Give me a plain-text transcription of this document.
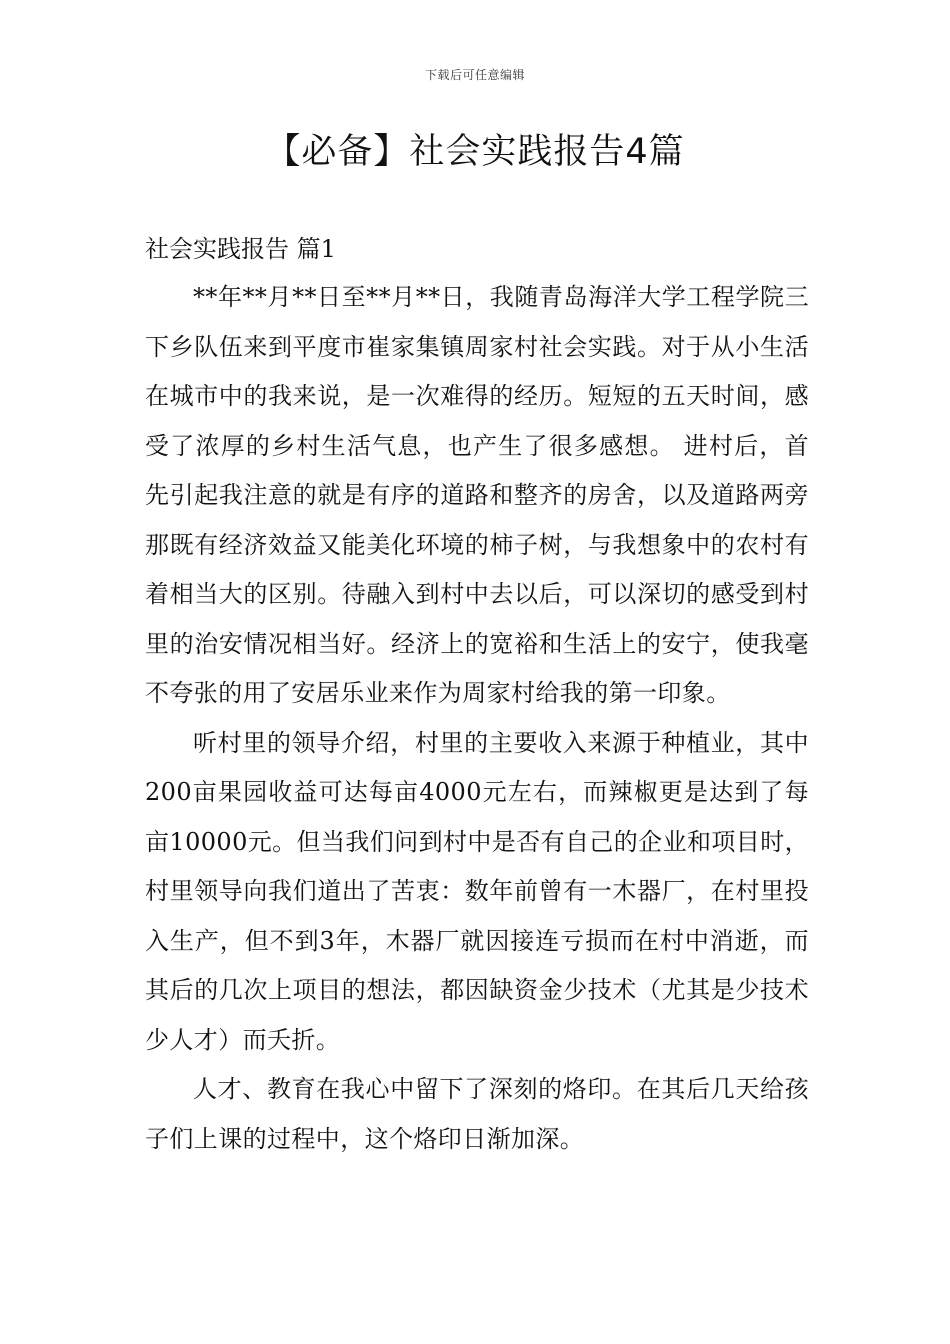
下载后可任意编辑
【必备】社会实践报告4篇

社会实践报告 篇1

**年**月**日至**月**日，我随青岛海洋大学工程学院三下乡队伍来到平度市崔家集镇周家村社会实践。对于从小生活在城市中的我来说，是一次难得的经历。短短的五天时间，感受了浓厚的乡村生活气息，也产生了很多感想。 进村后，首先引起我注意的就是有序的道路和整齐的房舍，以及道路两旁那既有经济效益又能美化环境的柿子树，与我想象中的农村有着相当大的区别。待融入到村中去以后，可以深切的感受到村里的治安情况相当好。经济上的宽裕和生活上的安宁，使我毫不夸张的用了安居乐业来作为周家村给我的第一印象。

听村里的领导介绍，村里的主要收入来源于种植业，其中200亩果园收益可达每亩4000元左右，而辣椒更是达到了每亩10000元。但当我们问到村中是否有自己的企业和项目时，村里领导向我们道出了苦衷：数年前曾有一木器厂，在村里投入生产，但不到3年，木器厂就因接连亏损而在村中消逝，而其后的几次上项目的想法，都因缺资金少技术（尤其是少技术少人才）而夭折。

人才、教育在我心中留下了深刻的烙印。在其后几天给孩子们上课的过程中，这个烙印日渐加深。
